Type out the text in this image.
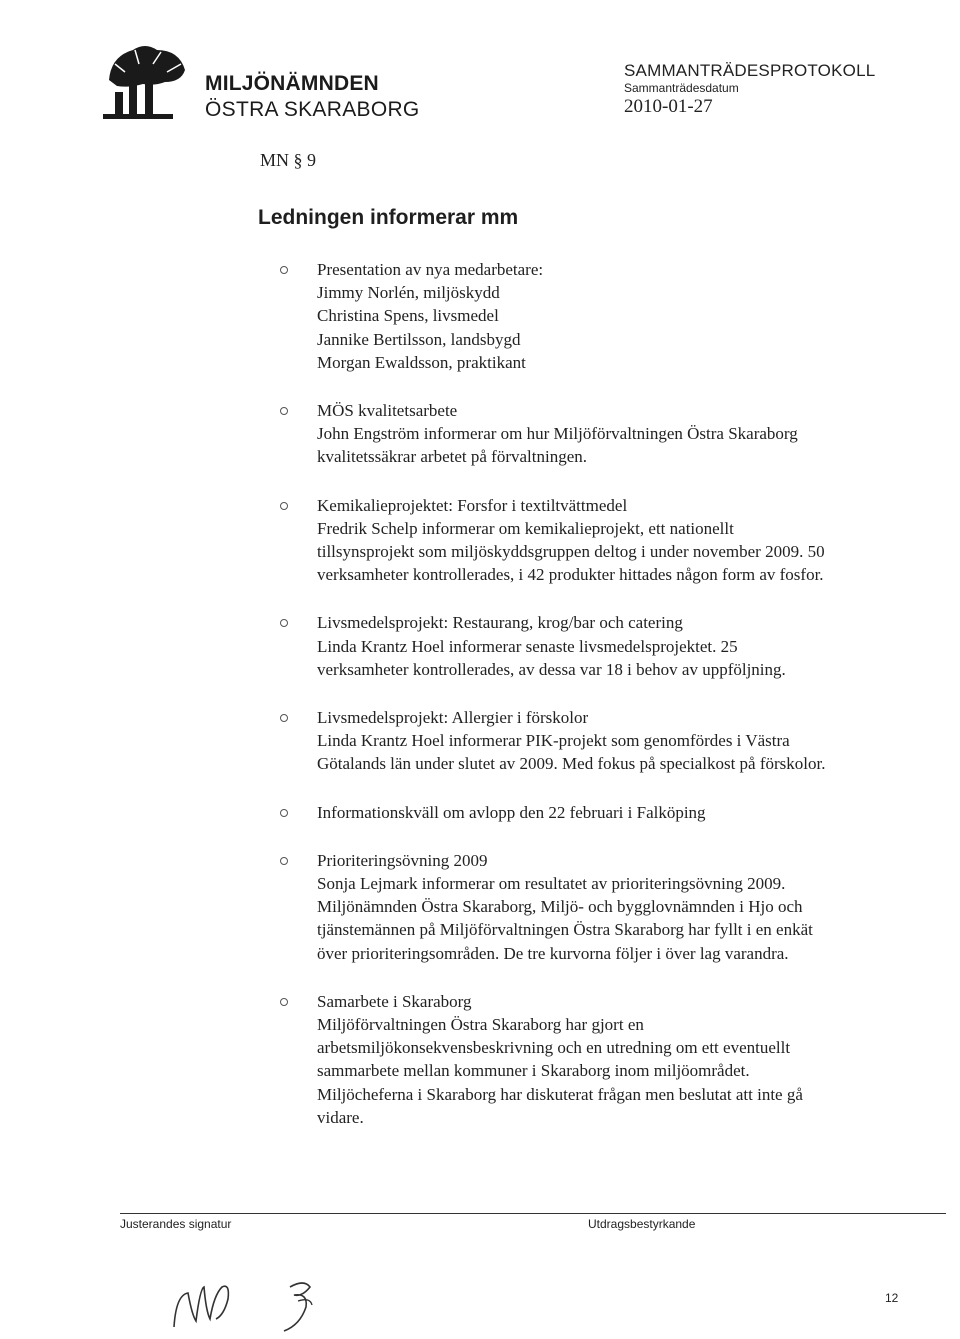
MILJÖNÄMNDEN
ÖSTRA SKARABORG
SAMMANTRÄDESPROTOKOLL
Sammanträdesdatum
2010-01-27
MN § 9
Ledningen informerar mm
Presentation av nya medarbetare:
Jimmy Norlén, miljöskydd
Christina Spens, livsmedel
Jannike Bertilsson, landsbygd
Morgan Ewaldsson, praktikant
MÖS kvalitetsarbete
John Engström informerar om hur Miljöförvaltningen Östra Skaraborg
kvalitetssäkrar arbetet på förvaltningen.
Kemikalieprojektet: Forsfor i textiltvättmedel
Fredrik Schelp informerar om kemikalieprojekt, ett nationellt
tillsynsprojekt som miljöskyddsgruppen deltog i under november 2009. 50
verksamheter kontrollerades, i 42 produkter hittades någon form av fosfor.
Livsmedelsprojekt: Restaurang, krog/bar och catering
Linda Krantz Hoel informerar senaste livsmedelsprojektet. 25
verksamheter kontrollerades, av dessa var 18 i behov av uppföljning.
Livsmedelsprojekt: Allergier i förskolor
Linda Krantz Hoel informerar PIK-projekt som genomfördes i Västra
Götalands län under slutet av 2009. Med fokus på specialkost på förskolor.
Informationskväll om avlopp den 22 februari i Falköping
Prioriteringsövning 2009
Sonja Lejmark informerar om resultatet av prioriteringsövning 2009.
Miljönämnden Östra Skaraborg, Miljö- och bygglovnämnden i Hjo och
tjänstemännen på Miljöförvaltningen Östra Skaraborg har fyllt i en enkät
över prioriteringsområden. De tre kurvorna följer i över lag varandra.
Samarbete i Skaraborg
Miljöförvaltningen Östra Skaraborg har gjort en
arbetsmiljökonsekvensbeskrivning och en utredning om ett eventuellt
sammarbete mellan kommuner i Skaraborg inom miljöområdet.
Miljöcheferna i Skaraborg har diskuterat frågan men beslutat att inte gå
vidare.
Justerandes signatur	Utdragsbestyrkande
12
